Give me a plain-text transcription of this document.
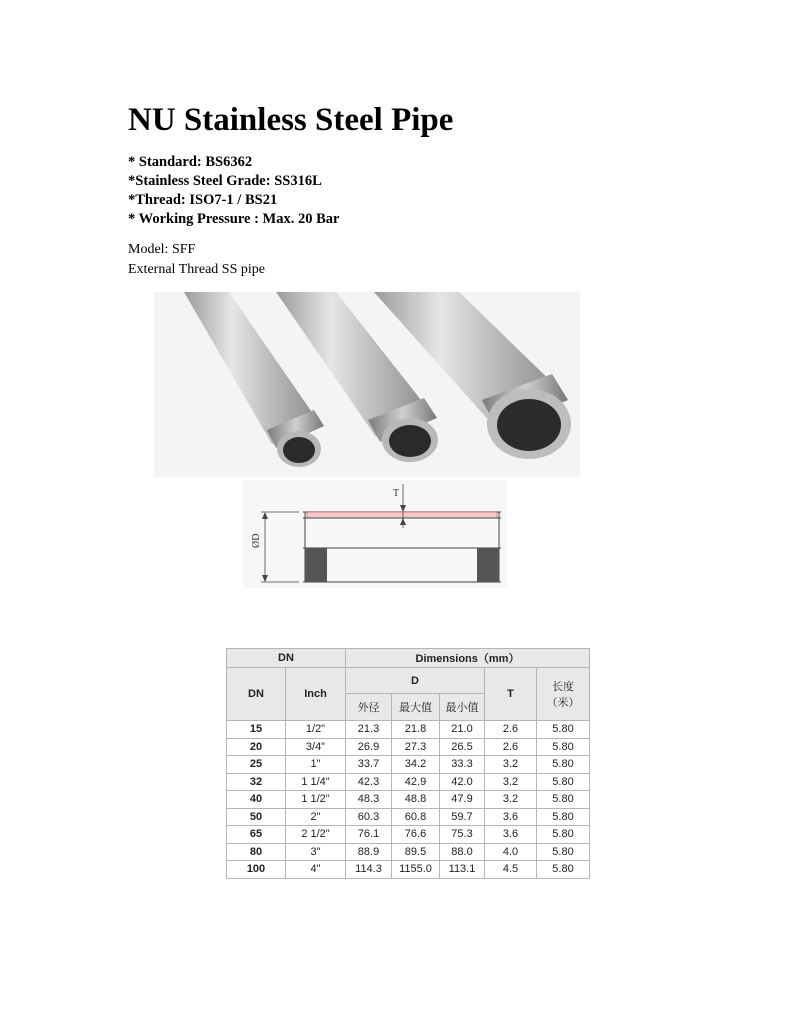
NU Stainless Steel Pipe
* Standard: BS6362
*Stainless Steel Grade: SS316L
*Thread: ISO7-1 / BS21
* Working Pressure : Max. 20 Bar
Model: SFF
External Thread SS pipe
ØD
T
DN		Dimensions（mm）				
DN	Inch	D			T	长度
（米）

		外径	最大值	最小值		
15	1/2"	21.3	21.8	21.0	2.6	5.80
20	3/4"	26.9	27.3	26.5	2.6	5.80
25	1"	33.7	34.2	33.3	3.2	5.80
32	1 1/4"	42.3	42.9	42.0	3.2	5.80
40	1 1/2"	48.3	48.8	47.9	3.2	5.80
50	2"	60.3	60.8	59.7	3.6	5.80
65	2 1/2"	76.1	76.6	75.3	3.6	5.80
80	3"	88.9	89.5	88.0	4.0	5.80
100	4"	114.3	1155.0	113.1	4.5	5.80
